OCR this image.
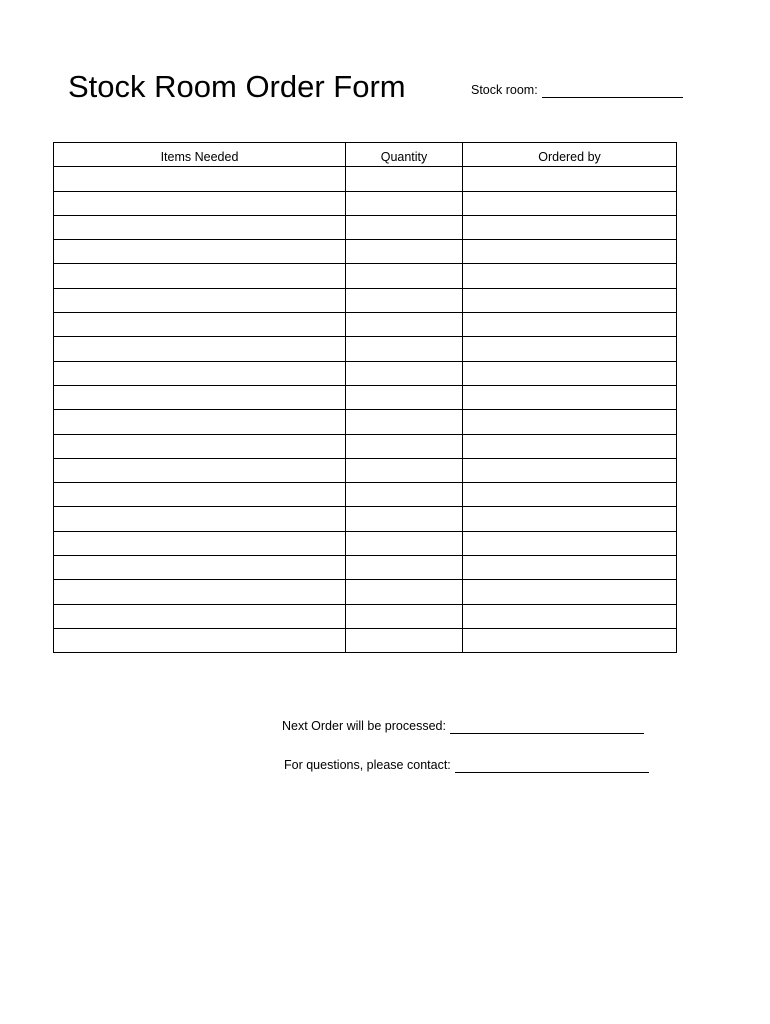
Stock Room Order Form	Stock room:
Items Needed	Quantity	Ordered by

Next Order will be processed:
For questions, please contact:
